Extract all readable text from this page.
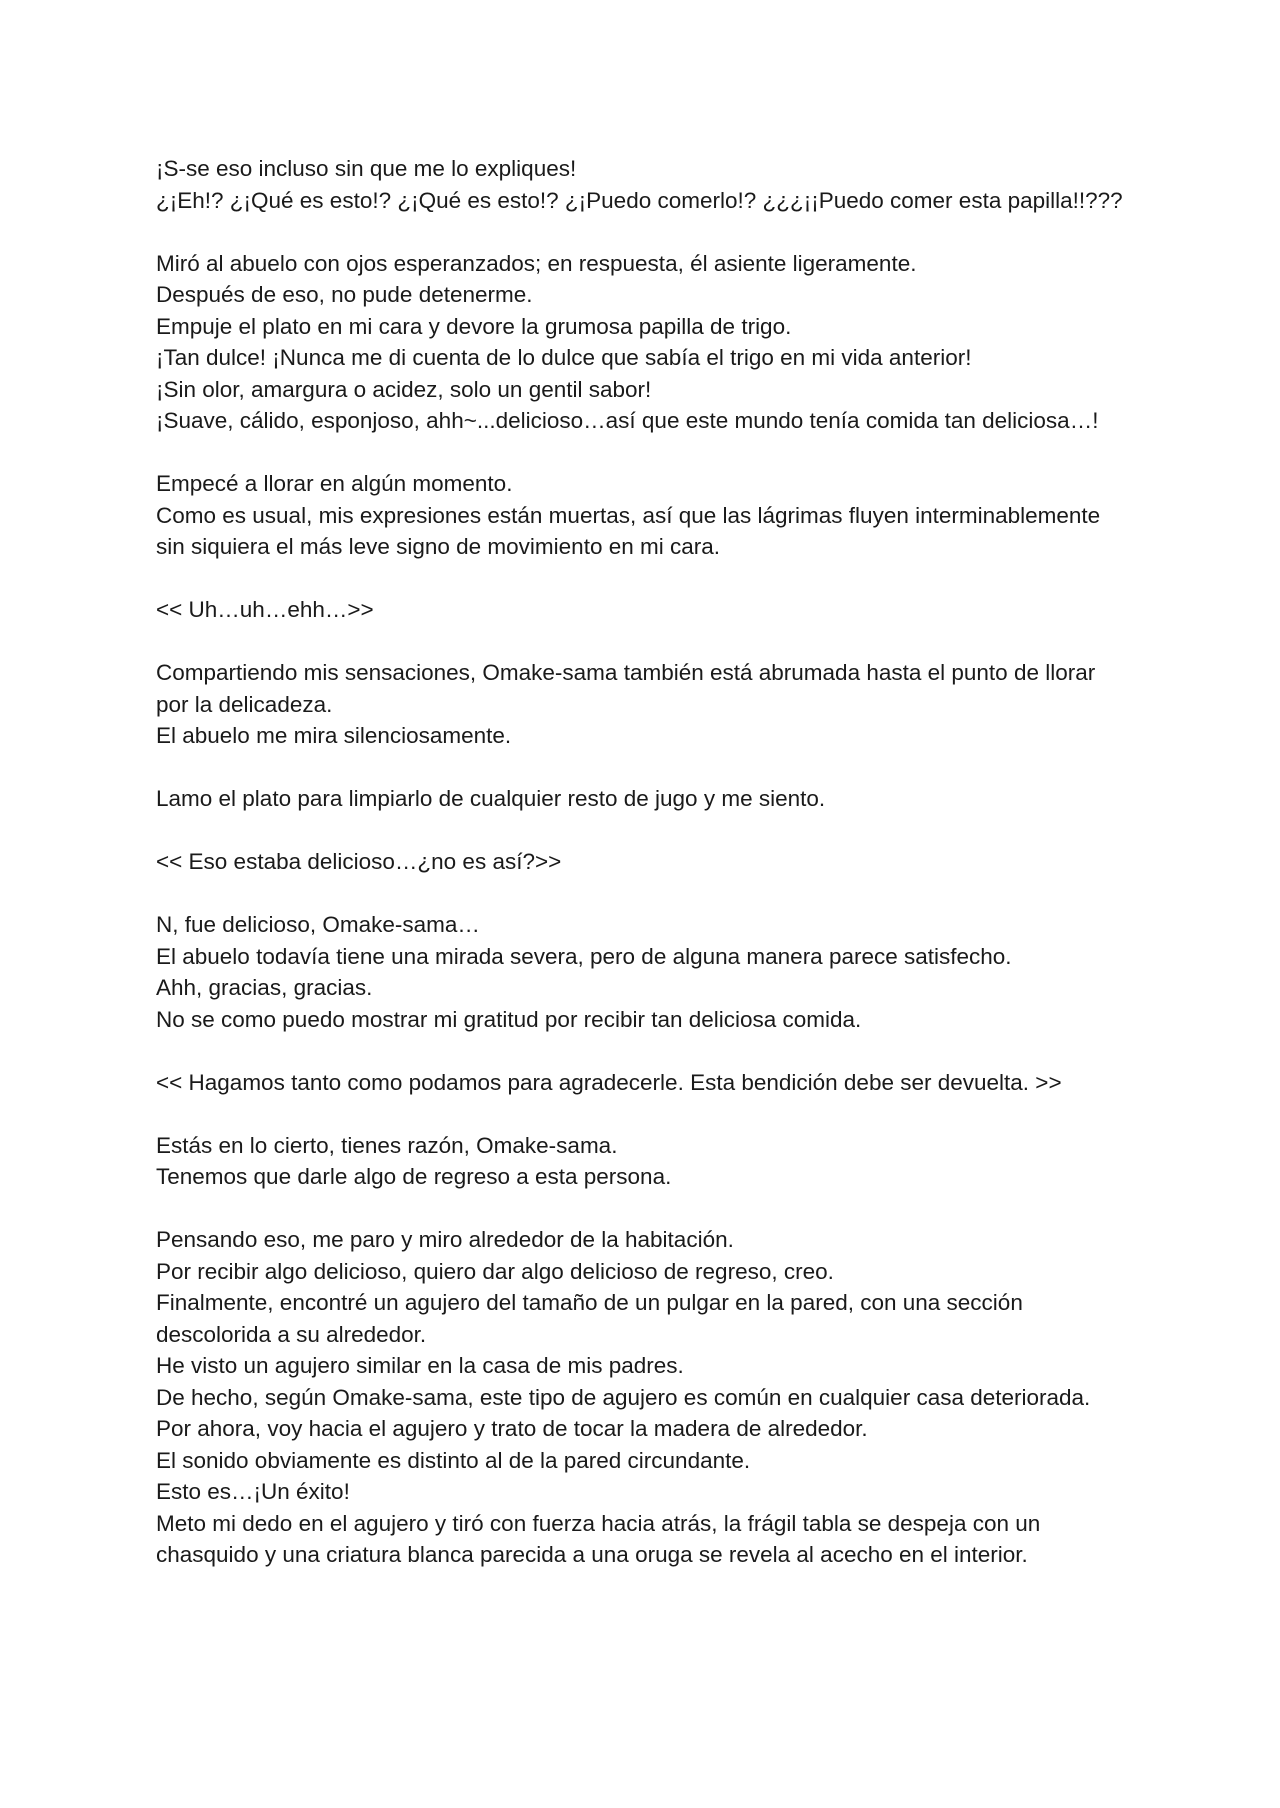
¡S-se eso incluso sin que me lo expliques!
¿¡Eh!? ¿¡Qué es esto!? ¿¡Qué es esto!? ¿¡Puedo comerlo!? ¿¿¿¡¡Puedo comer esta papilla!!???

Miró al abuelo con ojos esperanzados; en respuesta, él asiente ligeramente.
Después de eso, no pude detenerme.
Empuje el plato en mi cara y devore la grumosa papilla de trigo.
¡Tan dulce! ¡Nunca me di cuenta de lo dulce que sabía el trigo en mi vida anterior!
¡Sin olor, amargura o acidez, solo un gentil sabor!
¡Suave, cálido, esponjoso, ahh~...delicioso…así que este mundo tenía comida tan deliciosa…!

Empecé a llorar en algún momento.
Como es usual, mis expresiones están muertas, así que las lágrimas fluyen interminablemente sin siquiera el más leve signo de movimiento en mi cara.

<< Uh…uh…ehh…>>

Compartiendo mis sensaciones, Omake-sama también está abrumada hasta el punto de llorar por la delicadeza.
El abuelo me mira silenciosamente.

Lamo el plato para limpiarlo de cualquier resto de jugo y me siento.

<< Eso estaba delicioso…¿no es así?>>

N, fue delicioso, Omake-sama…
El abuelo todavía tiene una mirada severa, pero de alguna manera parece satisfecho.
Ahh, gracias, gracias.
No se como puedo mostrar mi gratitud por recibir tan deliciosa comida.

<< Hagamos tanto como podamos para agradecerle. Esta bendición debe ser devuelta. >>

Estás en lo cierto, tienes razón, Omake-sama.
Tenemos que darle algo de regreso a esta persona.

Pensando eso, me paro y miro alrededor de la habitación.
Por recibir algo delicioso, quiero dar algo delicioso de regreso, creo.
Finalmente, encontré un agujero del tamaño de un pulgar en la pared, con una sección descolorida a su alrededor.
He visto un agujero similar en la casa de mis padres.
De hecho, según Omake-sama, este tipo de agujero es común en cualquier casa deteriorada.
Por ahora, voy hacia el agujero y trato de tocar la madera de alrededor.
El sonido obviamente es distinto al de la pared circundante.
Esto es…¡Un éxito!
Meto mi dedo en el agujero y tiró con fuerza hacia atrás, la frágil tabla se despeja con un chasquido y una criatura blanca parecida a una oruga se revela al acecho en el interior.
